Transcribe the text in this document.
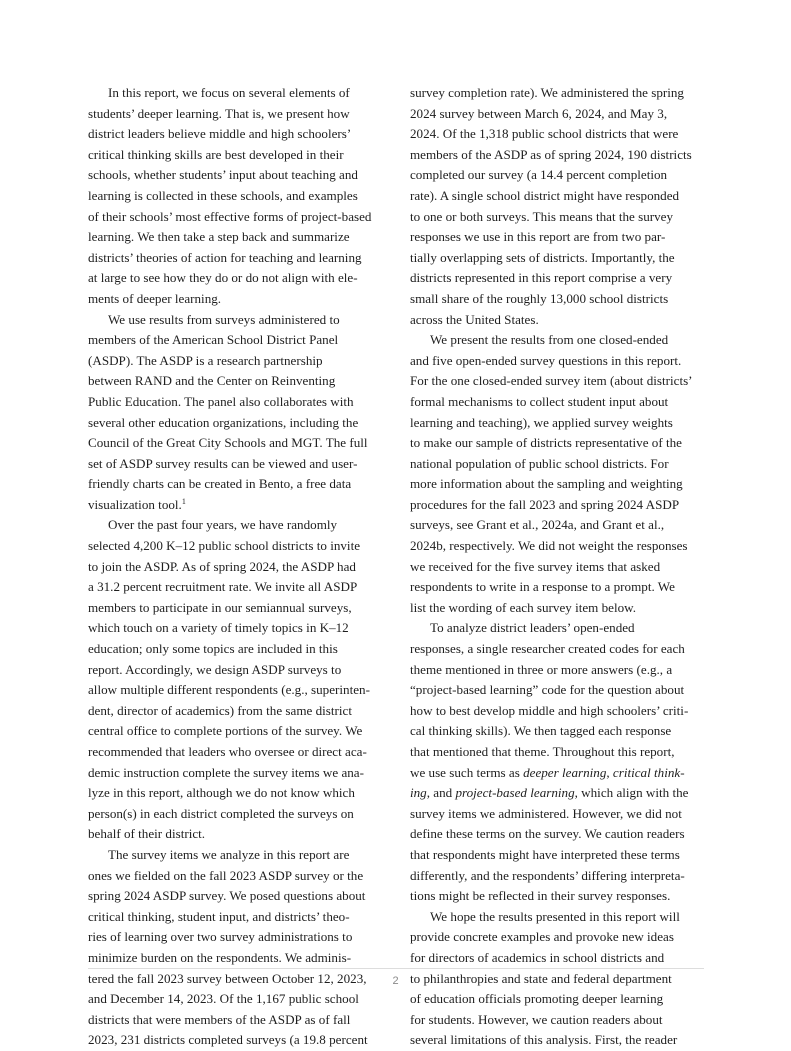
In this report, we focus on several elements of
students’ deeper learning. That is, we present how
district leaders believe middle and high schoolers’
critical thinking skills are best developed in their
schools, whether students’ input about teaching and
learning is collected in these schools, and examples
of their schools’ most effective forms of project-based
learning. We then take a step back and summarize
districts’ theories of action for teaching and learning
at large to see how they do or do not align with ele-
ments of deeper learning.

We use results from surveys administered to
members of the American School District Panel
(ASDP). The ASDP is a research partnership
between RAND and the Center on Reinventing
Public Education. The panel also collaborates with
several other education organizations, including the
Council of the Great City Schools and MGT. The full
set of ASDP survey results can be viewed and user-
friendly charts can be created in Bento, a free data
visualization tool.$^1$

Over the past four years, we have randomly
selected 4,200 K–12 public school districts to invite
to join the ASDP. As of spring 2024, the ASDP had
a 31.2 percent recruitment rate. We invite all ASDP
members to participate in our semiannual surveys,
which touch on a variety of timely topics in K–12
education; only some topics are included in this
report. Accordingly, we design ASDP surveys to
allow multiple different respondents (e.g., superinten-
dent, director of academics) from the same district
central office to complete portions of the survey. We
recommended that leaders who oversee or direct aca-
demic instruction complete the survey items we ana-
lyze in this report, although we do not know which
person(s) in each district completed the surveys on
behalf of their district.

The survey items we analyze in this report are
ones we fielded on the fall 2023 ASDP survey or the
spring 2024 ASDP survey. We posed questions about
critical thinking, student input, and districts’ theo-
ries of learning over two survey administrations to
minimize burden on the respondents. We adminis-
tered the fall 2023 survey between October 12, 2023,
and December 14, 2023. Of the 1,167 public school
districts that were members of the ASDP as of fall
2023, 231 districts completed surveys (a 19.8 percent

survey completion rate). We administered the spring
2024 survey between March 6, 2024, and May 3,
2024. Of the 1,318 public school districts that were
members of the ASDP as of spring 2024, 190 districts
completed our survey (a 14.4 percent completion
rate). A single school district might have responded
to one or both surveys. This means that the survey
responses we use in this report are from two par-
tially overlapping sets of districts. Importantly, the
districts represented in this report comprise a very
small share of the roughly 13,000 school districts
across the United States.

We present the results from one closed-ended
and five open-ended survey questions in this report.
For the one closed-ended survey item (about districts’
formal mechanisms to collect student input about
learning and teaching), we applied survey weights
to make our sample of districts representative of the
national population of public school districts. For
more information about the sampling and weighting
procedures for the fall 2023 and spring 2024 ASDP
surveys, see Grant et al., 2024a, and Grant et al.,
2024b, respectively. We did not weight the responses
we received for the five survey items that asked
respondents to write in a response to a prompt. We
list the wording of each survey item below.

To analyze district leaders’ open-ended
responses, a single researcher created codes for each
theme mentioned in three or more answers (e.g., a
“project-based learning” code for the question about
how to best develop middle and high schoolers’ criti-
cal thinking skills). We then tagged each response
that mentioned that theme. Throughout this report,
we use such terms as deeper learning, critical think-
ing, and project-based learning, which align with the
survey items we administered. However, we did not
define these terms on the survey. We caution readers
that respondents might have interpreted these terms
differently, and the respondents’ differing interpreta-
tions might be reflected in their survey responses.

We hope the results presented in this report will
provide concrete examples and provoke new ideas
for directors of academics in school districts and
to philanthropies and state and federal department
of education officials promoting deeper learning
for students. However, we caution readers about
several limitations of this analysis. First, the reader

2
